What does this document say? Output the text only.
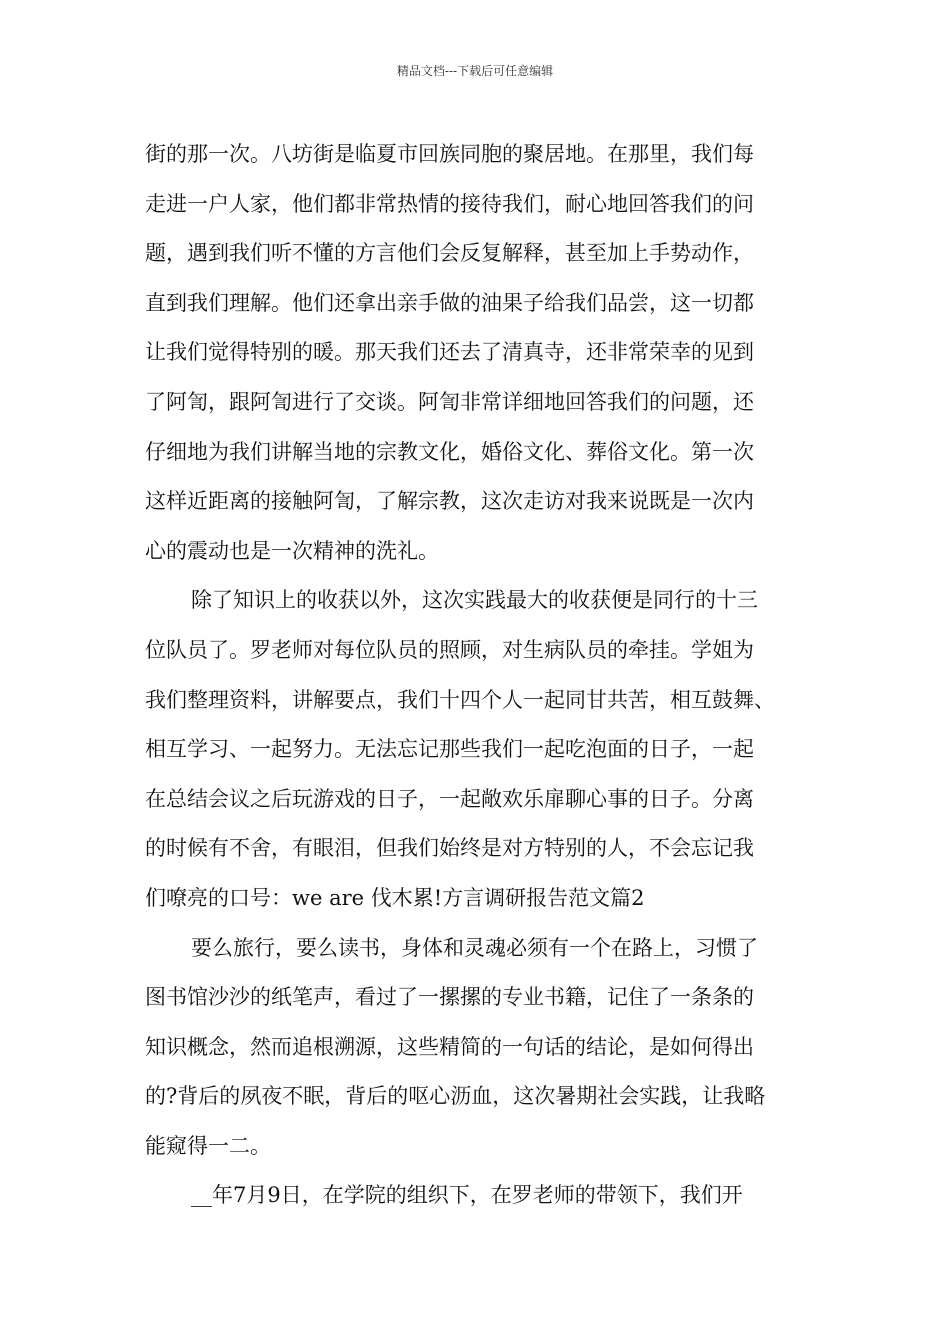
精品文档---下载后可任意编辑
街的那一次。八坊街是临夏市回族同胞的聚居地。在那里，我们每
走进一户人家，他们都非常热情的接待我们，耐心地回答我们的问
题，遇到我们听不懂的方言他们会反复解释，甚至加上手势动作，
直到我们理解。他们还拿出亲手做的油果子给我们品尝，这一切都
让我们觉得特别的暖。那天我们还去了清真寺，还非常荣幸的见到
了阿訇，跟阿訇进行了交谈。阿訇非常详细地回答我们的问题，还
仔细地为我们讲解当地的宗教文化，婚俗文化、葬俗文化。第一次
这样近距离的接触阿訇，了解宗教，这次走访对我来说既是一次内
心的震动也是一次精神的洗礼。
除了知识上的收获以外，这次实践最大的收获便是同行的十三
位队员了。罗老师对每位队员的照顾，对生病队员的牵挂。学姐为
我们整理资料，讲解要点，我们十四个人一起同甘共苦，相互鼓舞、
相互学习、一起努力。无法忘记那些我们一起吃泡面的日子，一起
在总结会议之后玩游戏的日子，一起敞欢乐扉聊心事的日子。分离
的时候有不舍，有眼泪，但我们始终是对方特别的人，不会忘记我
们嘹亮的口号：we are 伐木累!方言调研报告范文篇2
要么旅行，要么读书，身体和灵魂必须有一个在路上，习惯了
图书馆沙沙的纸笔声，看过了一摞摞的专业书籍，记住了一条条的
知识概念，然而追根溯源，这些精简的一句话的结论，是如何得出
的?背后的夙夜不眠，背后的呕心沥血，这次暑期社会实践，让我略
能窥得一二。
__年7月9日，在学院的组织下，在罗老师的带领下，我们开
